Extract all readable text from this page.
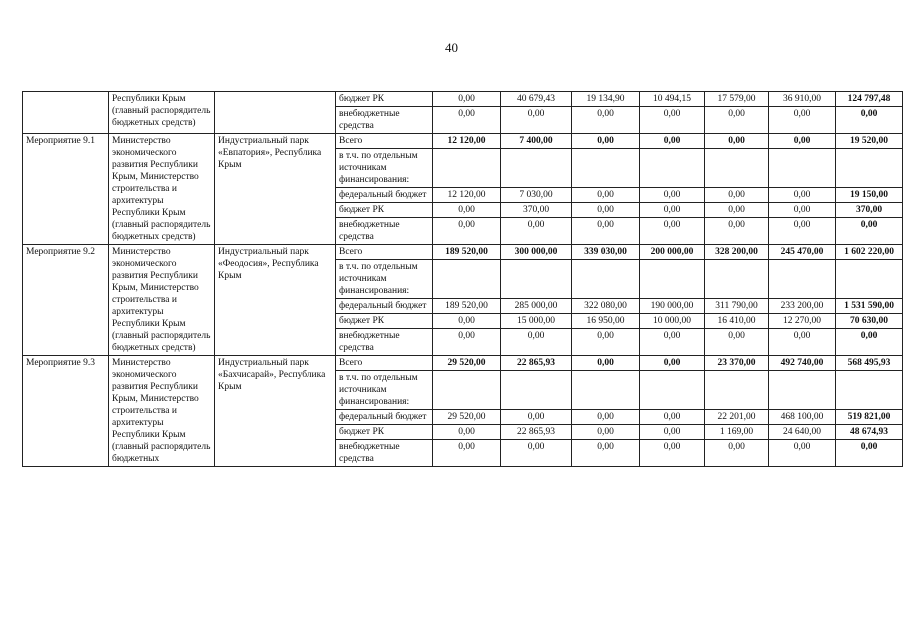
40
	Республики Крым (главный распорядитель бюджетных средств)		бюджет РК	0,00	40 679,43	19 134,90	10 494,15	17 579,00	36 910,00	124 797,48
			внебюджетные средства	0,00	0,00	0,00	0,00	0,00	0,00	0,00
Мероприятие 9.1	Министерство экономического развития Республики Крым, Министерство строительства и архитектуры Республики Крым (главный распорядитель бюджетных средств)	Индустриальный парк «Евпатория», Республика Крым	Всего	12 120,00	7 400,00	0,00	0,00	0,00	0,00	19 520,00
			в т.ч. по отдельным источникам финансирования:							
			федеральный бюджет	12 120,00	7 030,00	0,00	0,00	0,00	0,00	19 150,00
			бюджет РК	0,00	370,00	0,00	0,00	0,00	0,00	370,00
			внебюджетные средства	0,00	0,00	0,00	0,00	0,00	0,00	0,00
Мероприятие 9.2	Министерство экономического развития Республики Крым, Министерство строительства и архитектуры Республики Крым (главный распорядитель бюджетных средств)	Индустриальный парк «Феодосия», Республика Крым	Всего	189 520,00	300 000,00	339 030,00	200 000,00	328 200,00	245 470,00	1 602 220,00
			в т.ч. по отдельным источникам финансирования:							
			федеральный бюджет	189 520,00	285 000,00	322 080,00	190 000,00	311 790,00	233 200,00	1 531 590,00
			бюджет РК	0,00	15 000,00	16 950,00	10 000,00	16 410,00	12 270,00	70 630,00
			внебюджетные средства	0,00	0,00	0,00	0,00	0,00	0,00	0,00
Мероприятие 9.3	Министерство экономического развития Республики Крым, Министерство строительства и архитектуры Республики Крым (главный распорядитель бюджетных	Индустриальный парк «Бахчисарай», Республика Крым	Всего	29 520,00	22 865,93	0,00	0,00	23 370,00	492 740,00	568 495,93
			в т.ч. по отдельным источникам финансирования:							
			федеральный бюджет	29 520,00	0,00	0,00	0,00	22 201,00	468 100,00	519 821,00
			бюджет РК	0,00	22 865,93	0,00	0,00	1 169,00	24 640,00	48 674,93
			внебюджетные средства	0,00	0,00	0,00	0,00	0,00	0,00	0,00
